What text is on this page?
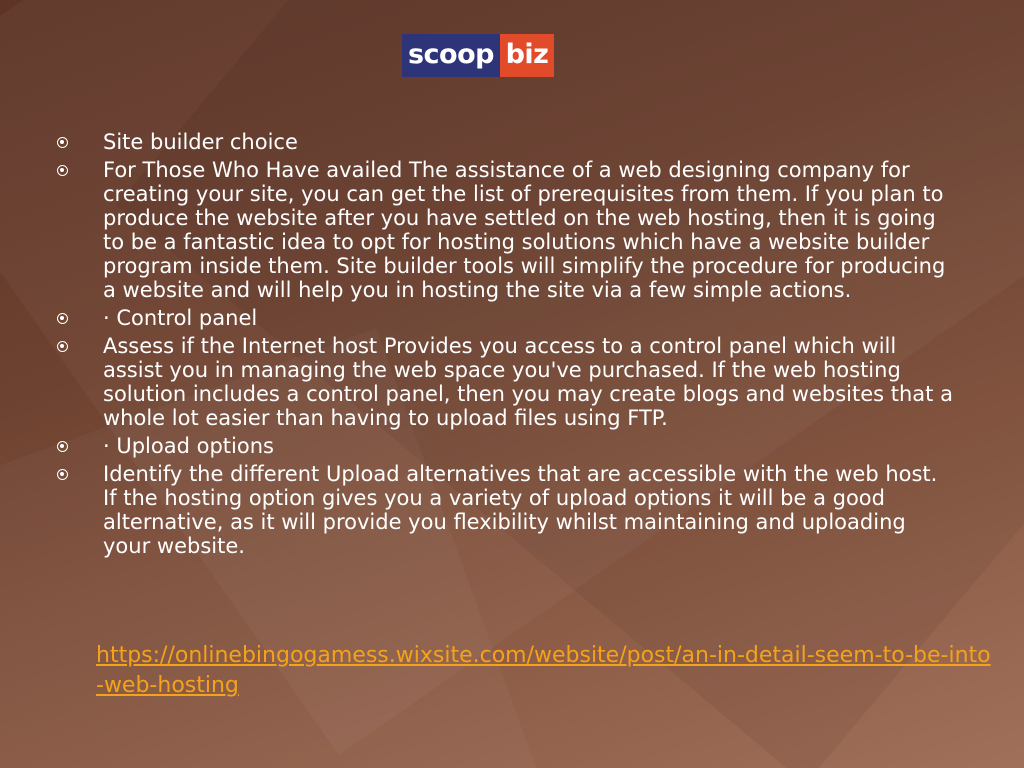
scoop biz
Site builder choice
For Those Who Have availed The assistance of a web designing company for creating your site, you can get the list of prerequisites from them. If you plan to produce the website after you have settled on the web hosting, then it is going to be a fantastic idea to opt for hosting solutions which have a website builder program inside them. Site builder tools will simplify the procedure for producing a website and will help you in hosting the site via a few simple actions.
· Control panel
Assess if the Internet host Provides you access to a control panel which will assist you in managing the web space you've purchased. If the web hosting solution includes a control panel, then you may create blogs and websites that a whole lot easier than having to upload files using FTP.
· Upload options
Identify the different Upload alternatives that are accessible with the web host. If the hosting option gives you a variety of upload options it will be a good alternative, as it will provide you flexibility whilst maintaining and uploading your website.
https://onlinebingogamess.wixsite.com/website/post/an-in-detail-seem-to-be-into-web-hosting
